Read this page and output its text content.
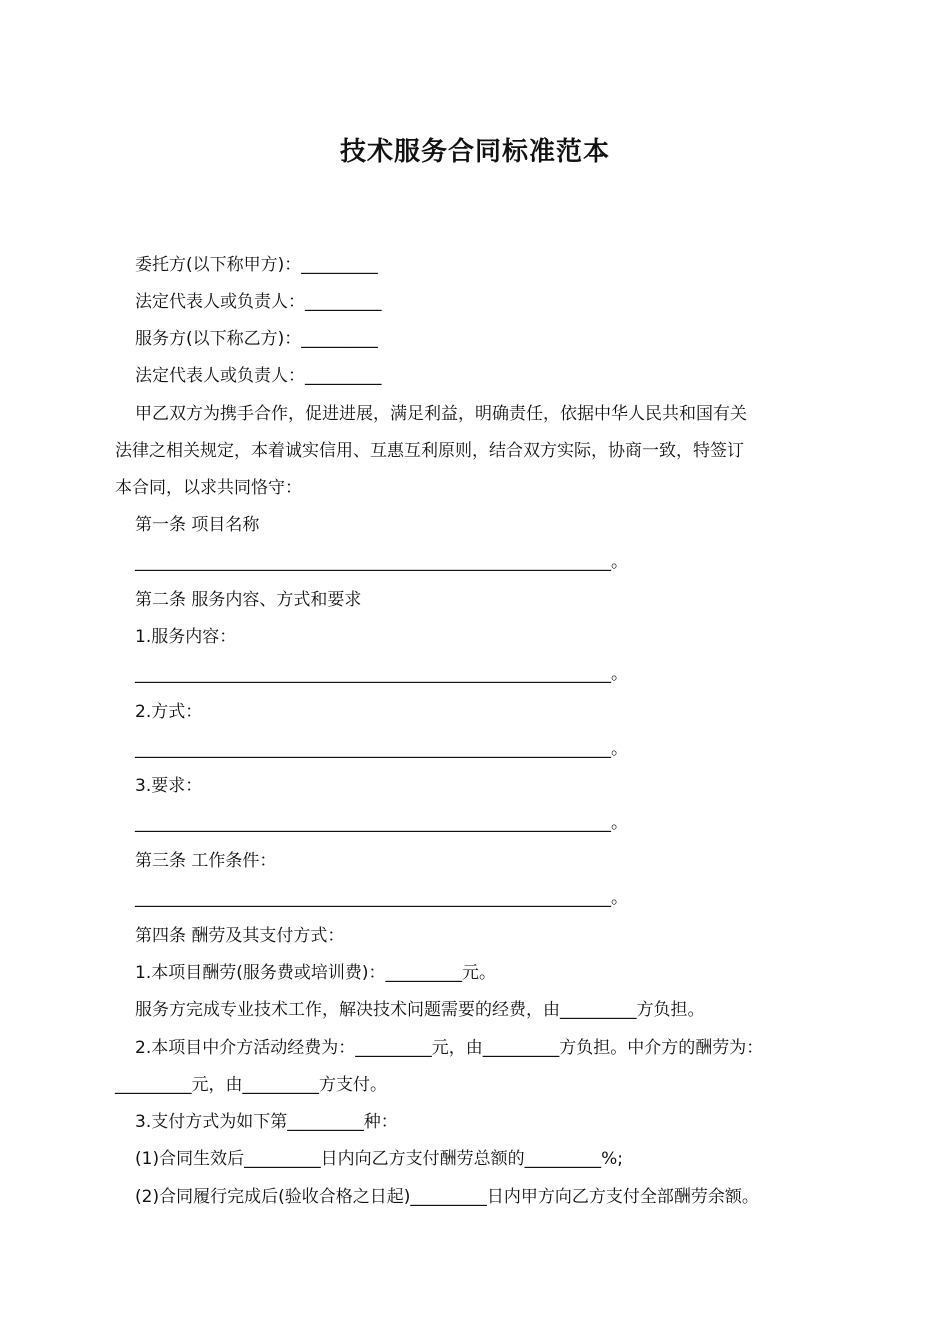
技术服务合同标准范本
委托方(以下称甲方)：_________
法定代表人或负责人：_________
服务方(以下称乙方)：_________
法定代表人或负责人：_________
甲乙双方为携手合作，促进进展，满足利益，明确责任，依据中华人民共和国有关
法律之相关规定，本着诚实信用、互惠互利原则，结合双方实际，协商一致，特签订
本合同，以求共同恪守：
第一条 项目名称
________________________________________________________。
第二条 服务内容、方式和要求
1.服务内容：
________________________________________________________。
2.方式：
________________________________________________________。
3.要求：
________________________________________________________。
第三条 工作条件：
________________________________________________________。
第四条 酬劳及其支付方式：
1.本项目酬劳(服务费或培训费)：_________元。
服务方完成专业技术工作，解决技术问题需要的经费，由_________方负担。
2.本项目中介方活动经费为：_________元，由_________方负担。中介方的酬劳为：
_________元，由_________方支付。
3.支付方式为如下第_________种：
(1)合同生效后_________日内向乙方支付酬劳总额的_________%;
(2)合同履行完成后(验收合格之日起)_________日内甲方向乙方支付全部酬劳余额。
